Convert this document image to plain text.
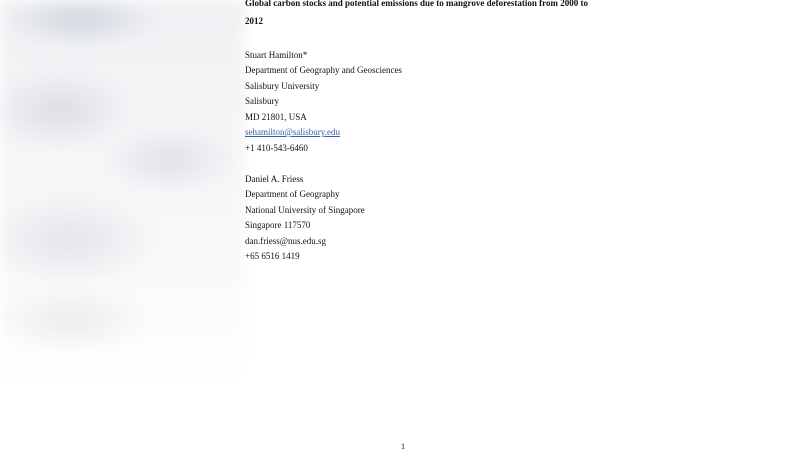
Global carbon stocks and potential emissions due to mangrove deforestation from 2000 to
2012
Stuart Hamilton*
Department of Geography and Geosciences
Salisbury University
Salisbury
MD 21801, USA
sehamilton@salisbury.edu
+1 410-543-6460
Daniel A. Friess
Department of Geography
National University of Singapore
Singapore 117570
dan.friess@nus.edu.sg
+65 6516 1419
1
